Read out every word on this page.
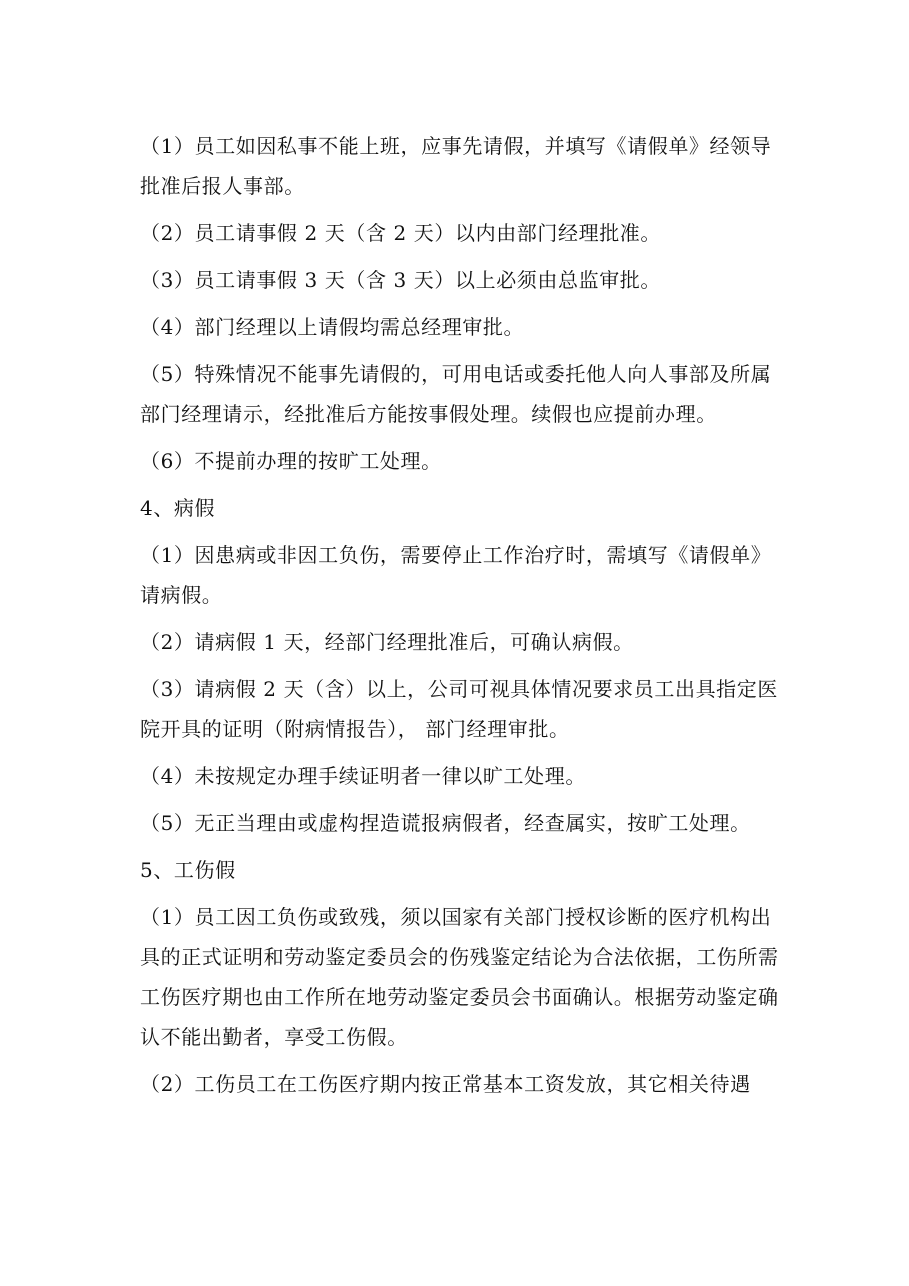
（1）员工如因私事不能上班，应事先请假，并填写《请假单》经领导批准后报人事部。

（2）员工请事假 2 天（含 2 天）以内由部门经理批准。

（3）员工请事假 3 天（含 3 天）以上必须由总监审批。

（4）部门经理以上请假均需总经理审批。

（5）特殊情况不能事先请假的，可用电话或委托他人向人事部及所属部门经理请示，经批准后方能按事假处理。续假也应提前办理。

（6）不提前办理的按旷工处理。

4、病假

（1）因患病或非因工负伤，需要停止工作治疗时，需填写《请假单》请病假。

（2）请病假 1 天，经部门经理批准后，可确认病假。

（3）请病假 2 天（含）以上，公司可视具体情况要求员工出具指定医院开具的证明（附病情报告）， 部门经理审批。

（4）未按规定办理手续证明者一律以旷工处理。

（5）无正当理由或虚构捏造谎报病假者，经查属实，按旷工处理。

5、工伤假

（1）员工因工负伤或致残，须以国家有关部门授权诊断的医疗机构出具的正式证明和劳动鉴定委员会的伤残鉴定结论为合法依据，工伤所需工伤医疗期也由工作所在地劳动鉴定委员会书面确认。根据劳动鉴定确认不能出勤者，享受工伤假。

（2）工伤员工在工伤医疗期内按正常基本工资发放，其它相关待遇
